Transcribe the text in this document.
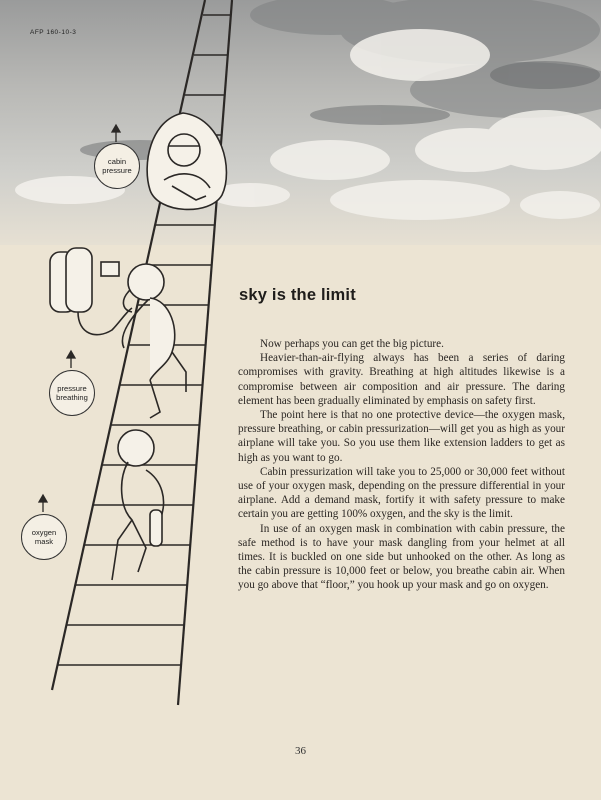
AFP 160-10-3
cabin pressure
pressure breathing
oxygen mask
sky is the limit

Now perhaps you can get the big picture.

Heavier-than-air-flying always has been a series of daring compromises with gravity. Breathing at high altitudes likewise is a compromise between air composition and air pressure. The daring element has been gradually eliminated by emphasis on safety first.

The point here is that no one protective device—the oxygen mask, pressure breathing, or cabin pressurization—will get you as high as your airplane will take you. So you use them like extension ladders to get as high as you want to go.

Cabin pressurization will take you to 25,000 or 30,000 feet without use of your oxygen mask, depending on the pressure differential in your airplane. Add a demand mask, fortify it with safety pressure to make certain you are getting 100% oxygen, and the sky is the limit.

In use of an oxygen mask in combination with cabin pressure, the safe method is to have your mask dangling from your helmet at all times. It is buckled on one side but unhooked on the other. As long as the cabin pressure is 10,000 feet or below, you breathe cabin air. When you go above that “floor,” you hook up your mask and go on oxygen.

36
